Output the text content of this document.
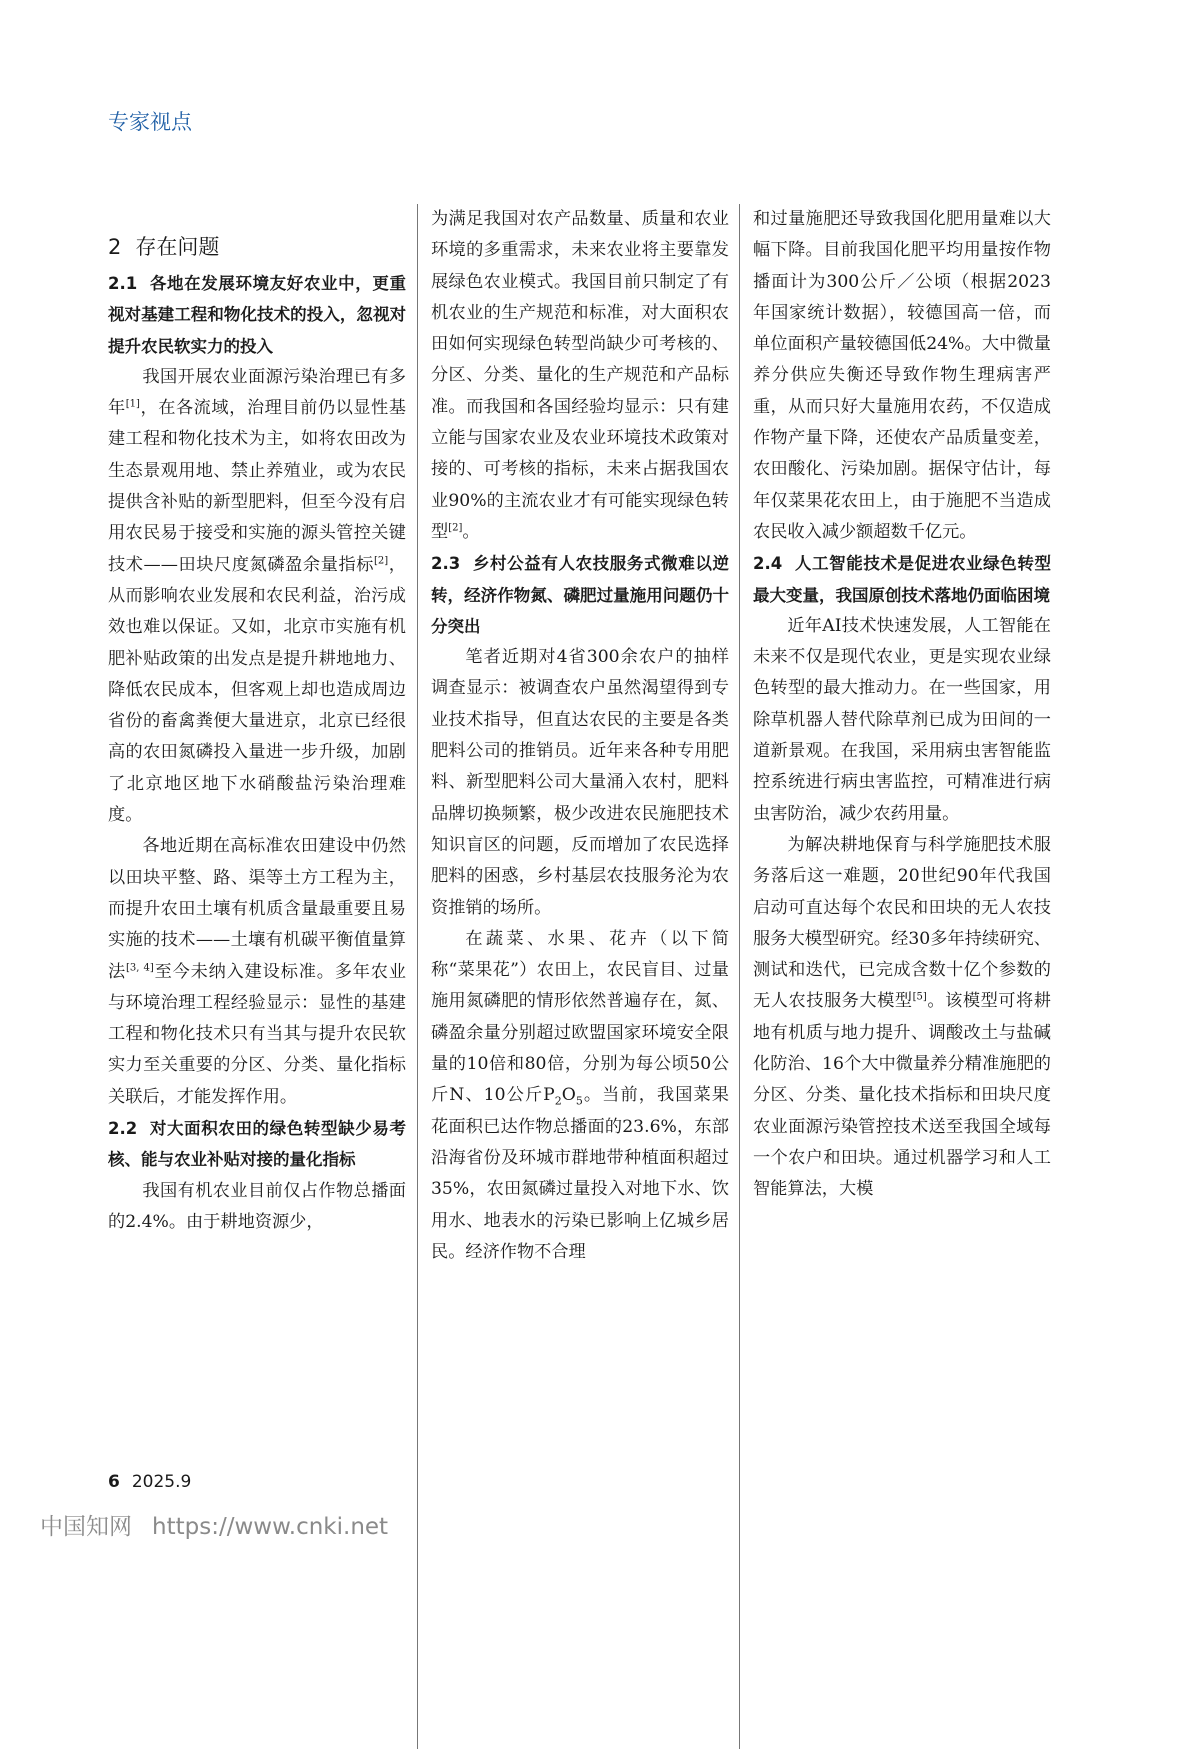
专家视点
2 存在问题
2.1 各地在发展环境友好农业中，更重视对基建工程和物化技术的投入，忽视对提升农民软实力的投入

我国开展农业面源污染治理已有多年[1]，在各流域，治理目前仍以显性基建工程和物化技术为主，如将农田改为生态景观用地、禁止养殖业，或为农民提供含补贴的新型肥料，但至今没有启用农民易于接受和实施的源头管控关键技术——田块尺度氮磷盈余量指标[2]，从而影响农业发展和农民利益，治污成效也难以保证。又如，北京市实施有机肥补贴政策的出发点是提升耕地地力、降低农民成本，但客观上却也造成周边省份的畜禽粪便大量进京，北京已经很高的农田氮磷投入量进一步升级，加剧了北京地区地下水硝酸盐污染治理难度。

各地近期在高标准农田建设中仍然以田块平整、路、渠等土方工程为主，而提升农田土壤有机质含量最重要且易实施的技术——土壤有机碳平衡值量算法[3, 4]至今未纳入建设标准。多年农业与环境治理工程经验显示：显性的基建工程和物化技术只有当其与提升农民软实力至关重要的分区、分类、量化指标关联后，才能发挥作用。

2.2 对大面积农田的绿色转型缺少易考核、能与农业补贴对接的量化指标

我国有机农业目前仅占作物总播面的2.4%。由于耕地资源少，

为满足我国对农产品数量、质量和农业环境的多重需求，未来农业将主要靠发展绿色农业模式。我国目前只制定了有机农业的生产规范和标准，对大面积农田如何实现绿色转型尚缺少可考核的、分区、分类、量化的生产规范和产品标准。而我国和各国经验均显示：只有建立能与国家农业及农业环境技术政策对接的、可考核的指标，未来占据我国农业90%的主流农业才有可能实现绿色转型[2]。

2.3 乡村公益有人农技服务式微难以逆转，经济作物氮、磷肥过量施用问题仍十分突出

笔者近期对4省300余农户的抽样调查显示：被调查农户虽然渴望得到专业技术指导，但直达农民的主要是各类肥料公司的推销员。近年来各种专用肥料、新型肥料公司大量涌入农村，肥料品牌切换频繁，极少改进农民施肥技术知识盲区的问题，反而增加了农民选择肥料的困惑，乡村基层农技服务沦为农资推销的场所。

在蔬菜、水果、花卉（以下简称“菜果花”）农田上，农民盲目、过量施用氮磷肥的情形依然普遍存在，氮、磷盈余量分别超过欧盟国家环境安全限量的10倍和80倍，分别为每公顷50公斤N、10公斤$P_2O_5$。当前，我国菜果花面积已达作物总播面的23.6%，东部沿海省份及环城市群地带种植面积超过35%，农田氮磷过量投入对地下水、饮用水、地表水的污染已影响上亿城乡居民。经济作物不合理

和过量施肥还导致我国化肥用量难以大幅下降。目前我国化肥平均用量按作物播面计为300公斤／公顷（根据2023年国家统计数据），较德国高一倍，而单位面积产量较德国低24%。大中微量养分供应失衡还导致作物生理病害严重，从而只好大量施用农药，不仅造成作物产量下降，还使农产品质量变差，农田酸化、污染加剧。据保守估计，每年仅菜果花农田上，由于施肥不当造成农民收入减少额超数千亿元。

2.4 人工智能技术是促进农业绿色转型最大变量，我国原创技术落地仍面临困境

近年AI技术快速发展，人工智能在未来不仅是现代农业，更是实现农业绿色转型的最大推动力。在一些国家，用除草机器人替代除草剂已成为田间的一道新景观。在我国，采用病虫害智能监控系统进行病虫害监控，可精准进行病虫害防治，减少农药用量。

为解决耕地保育与科学施肥技术服务落后这一难题，20世纪90年代我国启动可直达每个农民和田块的无人农技服务大模型研究。经30多年持续研究、测试和迭代，已完成含数十亿个参数的无人农技服务大模型[5]。该模型可将耕地有机质与地力提升、调酸改土与盐碱化防治、16个大中微量养分精准施肥的分区、分类、量化技术指标和田块尺度农业面源污染管控技术送至我国全域每一个农户和田块。通过机器学习和人工智能算法，大模

6 2025.9
中国知网 https://www.cnki.net
